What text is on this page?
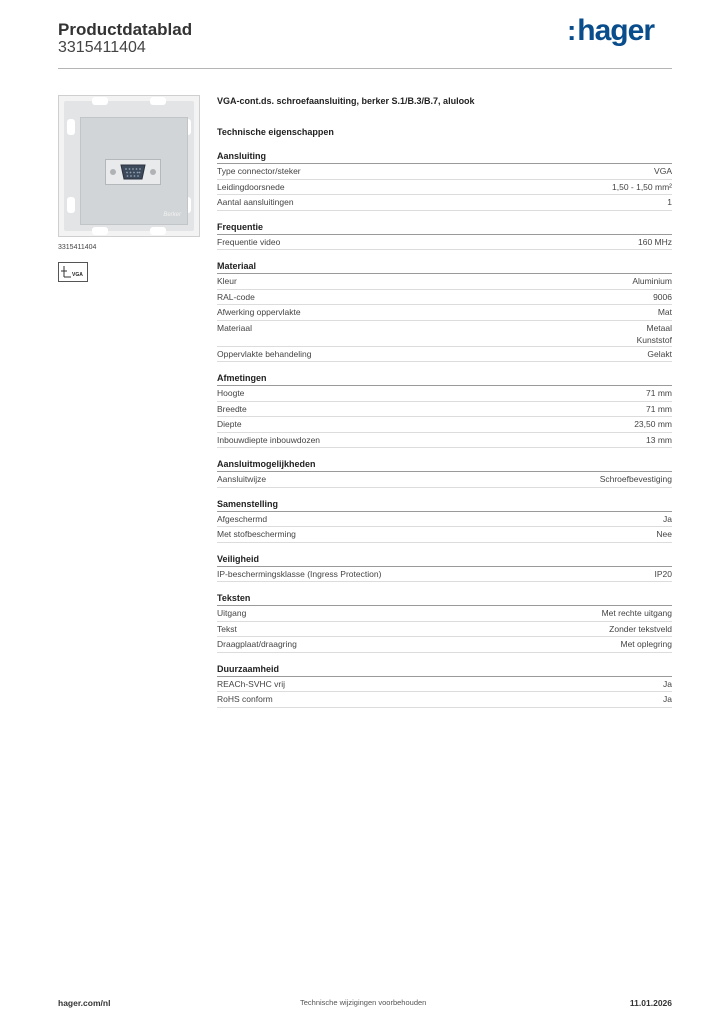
Productdatablad
3315411404
:hager
Berker
3315411404
VGA
VGA-cont.ds. schroefaansluiting, berker S.1/B.3/B.7, alulook
Technische eigenschappen
Aansluiting
Type connector/steker	VGA
Leidingdoorsnede	1,50 - 1,50 mm²
Aantal aansluitingen	1
Frequentie
Frequentie video	160 MHz
Materiaal
Kleur	Aluminium
RAL-code	9006
Afwerking oppervlakte	Mat
Materiaal	Metaal
Kunststof
Oppervlakte behandeling	Gelakt
Afmetingen
Hoogte	71 mm
Breedte	71 mm
Diepte	23,50 mm
Inbouwdiepte inbouwdozen	13 mm
Aansluitmogelijkheden
Aansluitwijze	Schroefbevestiging
Samenstelling
Afgeschermd	Ja
Met stofbescherming	Nee
Veiligheid
IP-beschermingsklasse (Ingress Protection)	IP20
Teksten
Uitgang	Met rechte uitgang
Tekst	Zonder tekstveld
Draagplaat/draagring	Met oplegring
Duurzaamheid
REACh-SVHC vrij	Ja
RoHS conform	Ja
hager.com/nl	Technische wijzigingen voorbehouden	11.01.2026
